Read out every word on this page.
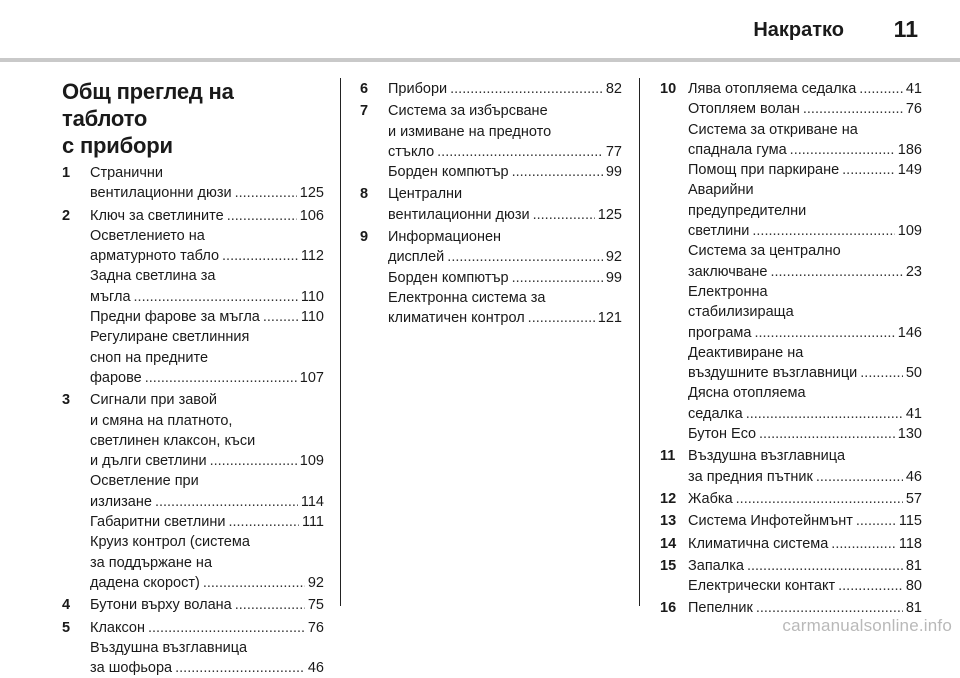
Накратко 11
Общ преглед на таблото
с прибори
1 Странични
вентилационни дюзи .....	125
2 Ключ за светлините .....	106
Осветлението на
арматурното табло .....	112
Задна светлина за
мъгла .....	110
Предни фарове за мъгла .....	110
Регулиране светлинния
сноп на предните
фарове .....	107
3 Сигнали при завой
и смяна на платното,
светлинен клаксон, къси
и дълги светлини .....	109
Осветление при
излизане .....	114
Габаритни светлини .....	111
Круиз контрол (система
за поддържане на
дадена скорост) .....	92
4 Бутони върху волана .....	75
5 Клаксон .....	76
Въздушна възглавница
за шофьора .....	46
6 Прибори .....	82
7 Система за избърсване
и измиване на предното
стъкло .....	77
Борден компютър .....	99
8 Централни
вентилационни дюзи .....	125
9 Информационен
дисплей .....	92
Борден компютър .....	99
Електронна система за
климатичен контрол .....	121
10 Лява отопляема седалка .....	41
Отопляем волан .....	76
Система за откриване на
спаднала гума .....	186
Помощ при паркиране .....	149
Аварийни
предупредителни
светлини .....	109
Система за централно
заключване .....	23
Електронна
стабилизираща
програма .....	146
Деактивиране на
въздушните възглавници .....	50
Дясна отопляема
седалка .....	41
Бутон Eco .....	130
11 Въздушна възглавница
за предния пътник .....	46
12 Жабка .....	57
13 Система Инфотейнмънт .....	115
14 Климатична система .....	118
15 Запалка .....	81
Електрически контакт .....	80
16 Пепелник .....	81
carmanualsonline.info
